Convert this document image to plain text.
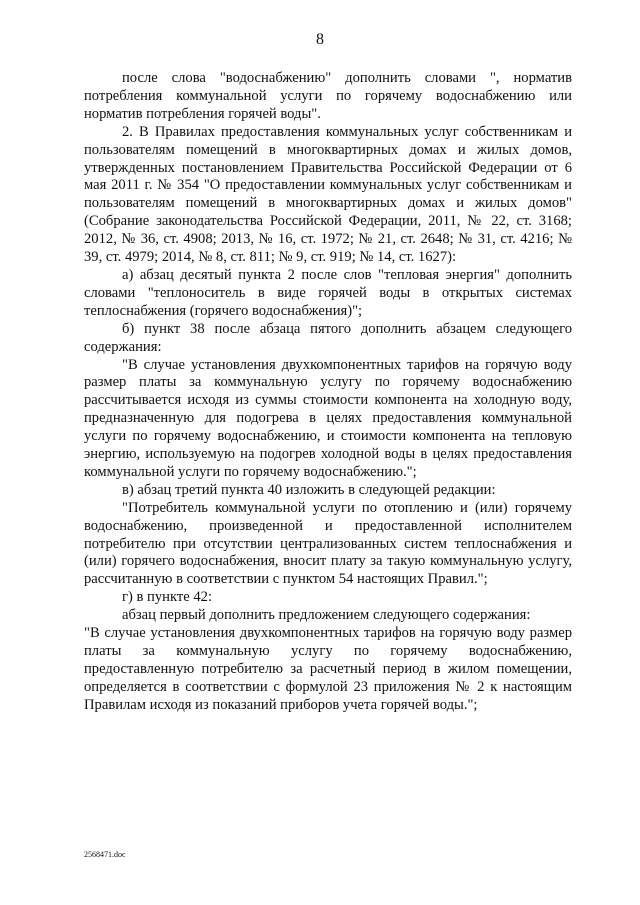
8

после слова "водоснабжению" дополнить словами ", норматив потребления коммунальной услуги по горячему водоснабжению или норматив потребления горячей воды".

2. В Правилах предоставления коммунальных услуг собственникам и пользователям помещений в многоквартирных домах и жилых домов, утвержденных постановлением Правительства Российской Федерации от 6 мая 2011 г. № 354 "О предоставлении коммунальных услуг собственникам и пользователям помещений в многоквартирных домах и жилых домов" (Собрание законодательства Российской Федерации, 2011, № 22, ст. 3168; 2012, № 36, ст. 4908; 2013, № 16, ст. 1972; № 21, ст. 2648; № 31, ст. 4216; № 39, ст. 4979; 2014, № 8, ст. 811; № 9, ст. 919; № 14, ст. 1627):

а) абзац десятый пункта 2 после слов "тепловая энергия" дополнить словами "теплоноситель в виде горячей воды в открытых системах теплоснабжения (горячего водоснабжения)";

б) пункт 38 после абзаца пятого дополнить абзацем следующего содержания:

"В случае установления двухкомпонентных тарифов на горячую воду размер платы за коммунальную услугу по горячему водоснабжению рассчитывается исходя из суммы стоимости компонента на холодную воду, предназначенную для подогрева в целях предоставления коммунальной услуги по горячему водоснабжению, и стоимости компонента на тепловую энергию, используемую на подогрев холодной воды в целях предоставления коммунальной услуги по горячему водоснабжению.";

в) абзац третий пункта 40 изложить в следующей редакции:

"Потребитель коммунальной услуги по отоплению и (или) горячему водоснабжению, произведенной и предоставленной исполнителем потребителю при отсутствии централизованных систем теплоснабжения и (или) горячего водоснабжения, вносит плату за такую коммунальную услугу, рассчитанную в соответствии с пунктом 54 настоящих Правил.";

г) в пункте 42:

абзац первый дополнить предложением следующего содержания:

"В случае установления двухкомпонентных тарифов на горячую воду размер платы за коммунальную услугу по горячему водоснабжению, предоставленную потребителю за расчетный период в жилом помещении, определяется в соответствии с формулой 23 приложения № 2 к настоящим Правилам исходя из показаний приборов учета горячей воды.";

2568471.doc
